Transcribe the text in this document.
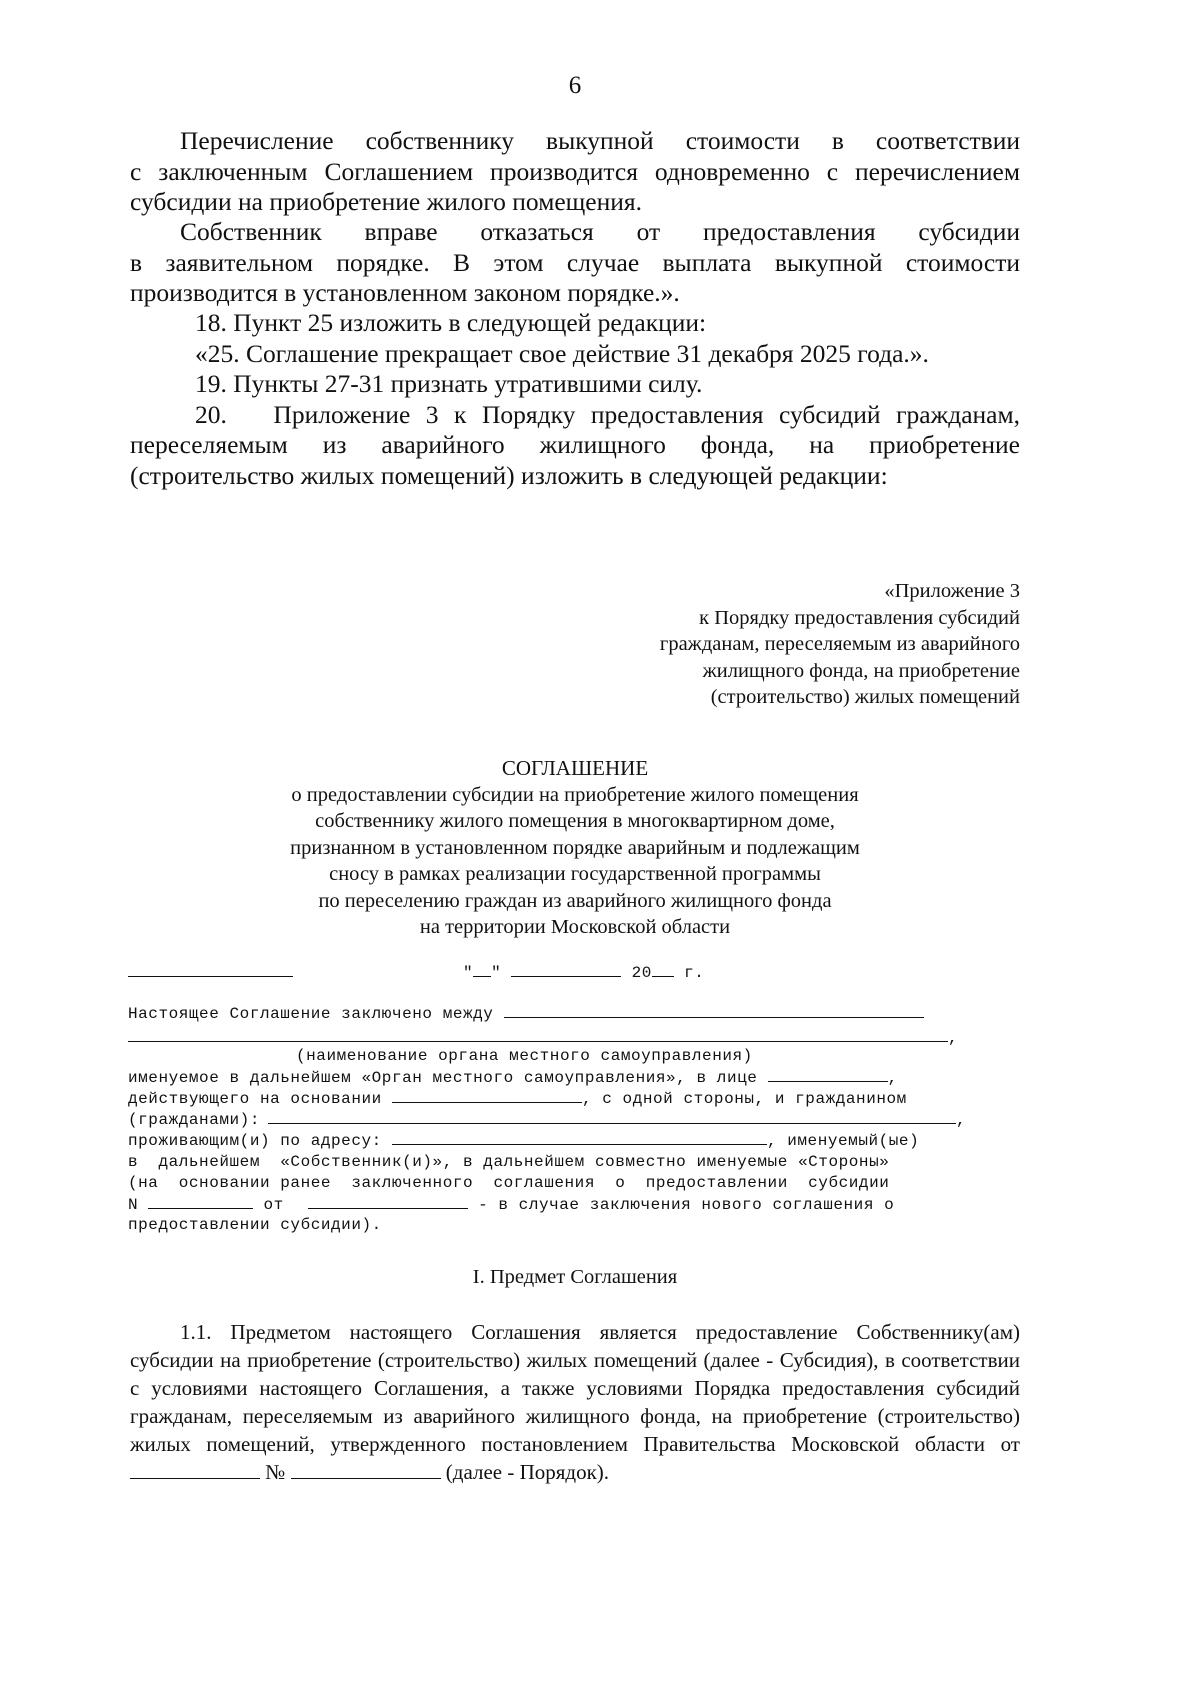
6
Перечисление собственнику выкупной стоимости в соответствии
с заключенным Соглашением производится одновременно с перечислением субсидии на приобретение жилого помещения.
Собственник вправе отказаться от предоставления субсидии
в заявительном порядке. В этом случае выплата выкупной стоимости производится в установленном законом порядке.».
18. Пункт 25 изложить в следующей редакции:
«25. Соглашение прекращает свое действие 31 декабря 2025 года.».
19. Пункты 27-31 признать утратившими силу.
20.   Приложение 3 к Порядку предоставления субсидий гражданам,
переселяемым из аварийного жилищного фонда, на приобретение
(строительство жилых помещений) изложить в следующей редакции:
«Приложение 3
к Порядку предоставления субсидий
гражданам, переселяемым из аварийного
жилищного фонда, на приобретение
(строительство) жилых помещений
СОГЛАШЕНИЕ
о предоставлении субсидии на приобретение жилого помещения
собственнику жилого помещения в многоквартирном доме,
признанном в установленном порядке аварийным и подлежащим
сносу в рамках реализации государственной программы
по переселению граждан из аварийного жилищного фонда
на территории Московской области
" "	20 г.
Настоящее Соглашение заключено между
,
(наименование органа местного самоуправления)
именуемое в дальнейшем «Орган местного самоуправления», в лице	,
действующего на основании	, с одной стороны, и гражданином
(гражданами):	,
проживающим(и) по адресу:	, именуемый(ые)
в  дальнейшем  «Собственник(и)», в дальнейшем совместно именуемые «Стороны»
(на  основании ранее  заключенного  соглашения  о  предоставлении  субсидии
N	от	- в случае заключения нового соглашения о
предоставлении субсидии).
I. Предмет Соглашения
1.1. Предметом настоящего Соглашения является предоставление Собственнику(ам) субсидии на приобретение (строительство) жилых помещений (далее - Субсидия), в соответствии с условиями настоящего Соглашения, а также условиями Порядка предоставления субсидий гражданам, переселяемым из аварийного жилищного фонда, на приобретение (строительство) жилых помещений, утвержденного постановлением Правительства Московской области от  №	(далее - Порядок).
